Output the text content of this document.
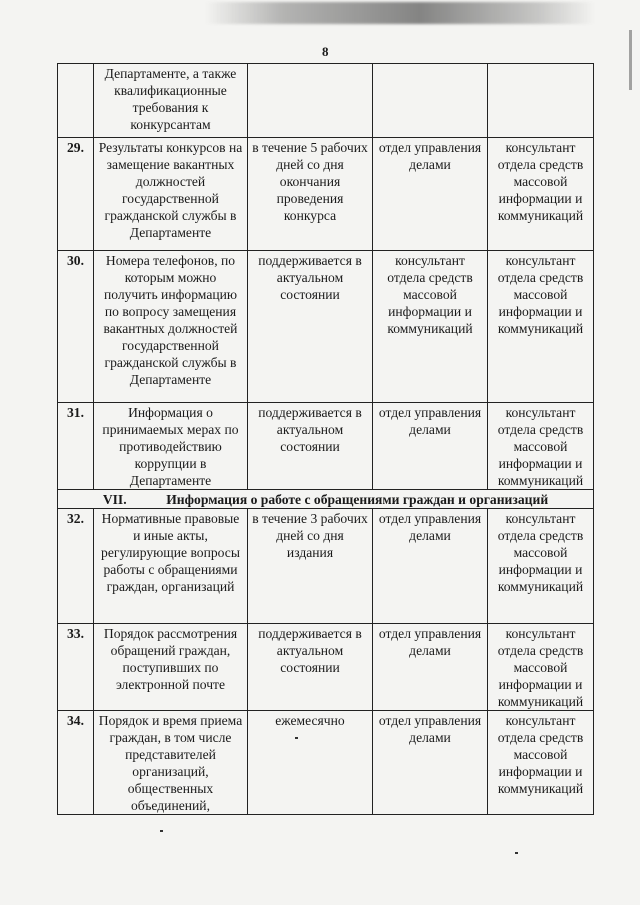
8
	Департаменте, а также квалификационные требования к конкурсантам			
29.	Результаты конкурсов на замещение вакантных должностей государственной гражданской службы в Департаменте	в течение 5 рабочих дней со дня окончания проведения конкурса	отдел управления делами	консультант отдела средств массовой информации и коммуникаций
30.	Номера телефонов, по которым можно получить информацию по вопросу замещения вакантных должностей государственной гражданской службы в Департаменте	поддерживается в актуальном состоянии	консультант отдела средств массовой информации и коммуникаций	консультант отдела средств массовой информации и коммуникаций
31.	Информация о принимаемых мерах по противодействию коррупции в Департаменте	поддерживается в актуальном состоянии	отдел управления делами	консультант отдела средств массовой информации и коммуникаций
VII. Информация о работе с обращениями граждан и организаций				
32.	Нормативные правовые и иные акты, регулирующие вопросы работы с обращениями граждан, организаций	в течение 3 рабочих дней со дня издания	отдел управления делами	консультант отдела средств массовой информации и коммуникаций
33.	Порядок рассмотрения обращений граждан, поступивших по электронной почте	поддерживается в актуальном состоянии	отдел управления делами	консультант отдела средств массовой информации и коммуникаций
34.	Порядок и время приема граждан, в том числе представителей организаций, общественных объединений,	ежемесячно	отдел управления делами	консультант отдела средств массовой информации и коммуникаций
